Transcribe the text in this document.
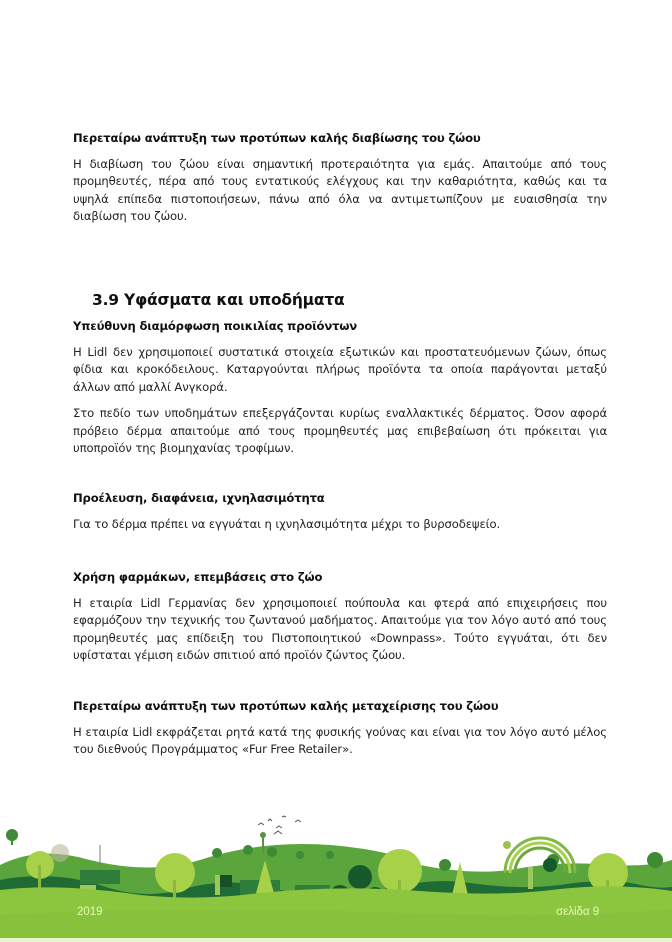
Περεταίρω ανάπτυξη των προτύπων καλής διαβίωσης του ζώου

Η διαβίωση του ζώου είναι σημαντική προτεραιότητα για εμάς. Απαιτούμε από τους προμηθευτές, πέρα από τους εντατικούς ελέγχους και την καθαριότητα, καθώς και τα υψηλά επίπεδα πιστοποιήσεων, πάνω από όλα να αντιμετωπίζουν με ευαισθησία την διαβίωση του ζώου.

3.9 Υφάσματα και υποδήματα
Υπεύθυνη διαμόρφωση ποικιλίας προϊόντων

Η Lidl δεν χρησιμοποιεί συστατικά στοιχεία εξωτικών και προστατευόμενων ζώων, όπως φίδια και κροκόδειλους. Καταργούνται πλήρως προϊόντα τα οποία παράγονται μεταξύ άλλων από μαλλί Ανγκορά.

Στο πεδίο των υποδημάτων επεξεργάζονται κυρίως εναλλακτικές δέρματος. Όσον αφορά πρόβειο δέρμα απαιτούμε από τους προμηθευτές μας επιβεβαίωση ότι πρόκειται για υποπροϊόν της βιομηχανίας τροφίμων.

Προέλευση, διαφάνεια, ιχνηλασιμότητα

Για το δέρμα πρέπει να εγγυάται η ιχνηλασιμότητα μέχρι το βυρσοδεψείο.

Χρήση φαρμάκων, επεμβάσεις στο ζώο

Η εταιρία Lidl Γερμανίας δεν χρησιμοποιεί πούπουλα και φτερά από επιχειρήσεις που εφαρμόζουν την τεχνικής του ζωντανού μαδήματος. Απαιτούμε για τον λόγο αυτό από τους προμηθευτές μας επίδειξη του Πιστοποιητικού «Downpass». Τούτο εγγυάται, ότι δεν υφίσταται γέμιση ειδών σπιτιού από προϊόν ζώντος ζώου.

Περεταίρω ανάπτυξη των προτύπων καλής μεταχείρισης του ζώου

Η εταιρία Lidl εκφράζεται ρητά κατά της φυσικής γούνας και είναι για τον λόγο αυτό μέλος του διεθνούς Προγράμματος «Fur Free Retailer».

2019	σελίδα 9
